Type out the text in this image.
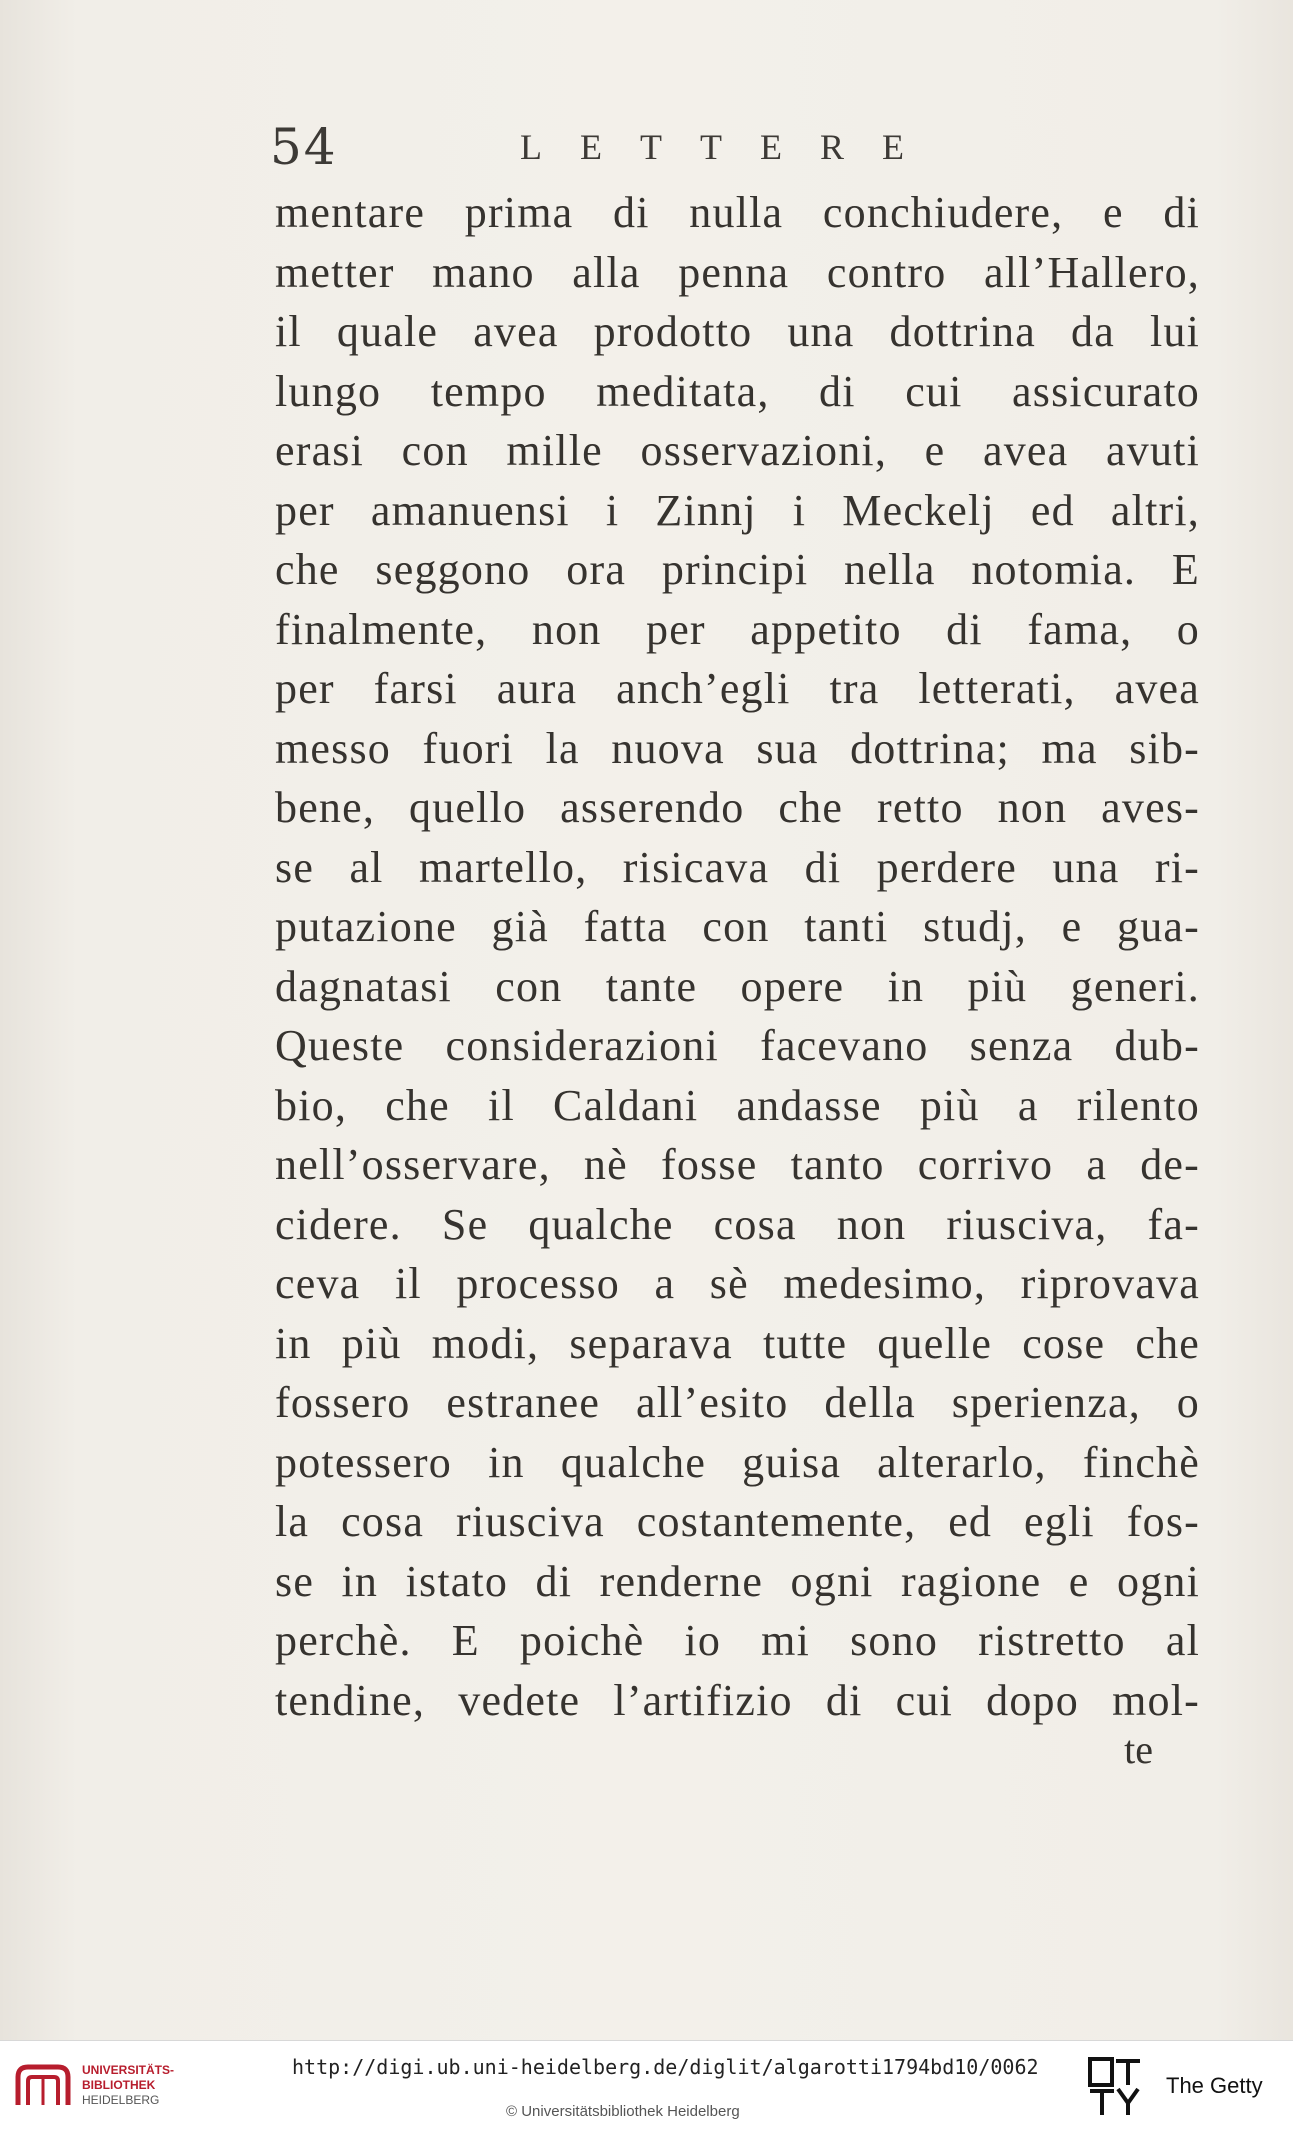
54	LETTERE
mentare prima di nulla conchiudere, e di
metter mano alla penna contro all’Hallero,
il quale avea prodotto una dottrina da lui
lungo tempo meditata, di cui assicurato
erasi con mille osservazioni, e avea avuti
per amanuensi i Zinnj i Meckelj ed altri,
che seggono ora principi nella notomia. E
finalmente, non per appetito di fama, o
per farsi aura anch’egli tra letterati, avea
messo fuori la nuova sua dottrina; ma sib-
bene, quello asserendo che retto non aves-
se al martello, risicava di perdere una ri-
putazione già fatta con tanti studj, e gua-
dagnatasi con tante opere in più generi.
Queste considerazioni facevano senza dub-
bio, che il Caldani andasse più a rilento
nell’osservare, nè fosse tanto corrivo a de-
cidere. Se qualche cosa non riusciva, fa-
ceva il processo a sè medesimo, riprovava
in più modi, separava tutte quelle cose che
fossero estranee all’esito della sperienza, o
potessero in qualche guisa alterarlo, finchè
la cosa riusciva costantemente, ed egli fos-
se in istato di renderne ogni ragione e ogni
perchè. E poichè io mi sono ristretto al
tendine, vedete l’artifizio di cui dopo mol-
te
UNIVERSITÄTS-
BIBLIOTHEK
HEIDELBERG
http://digi.ub.uni-heidelberg.de/diglit/algarotti1794bd10/0062
© Universitätsbibliothek Heidelberg
The Getty
